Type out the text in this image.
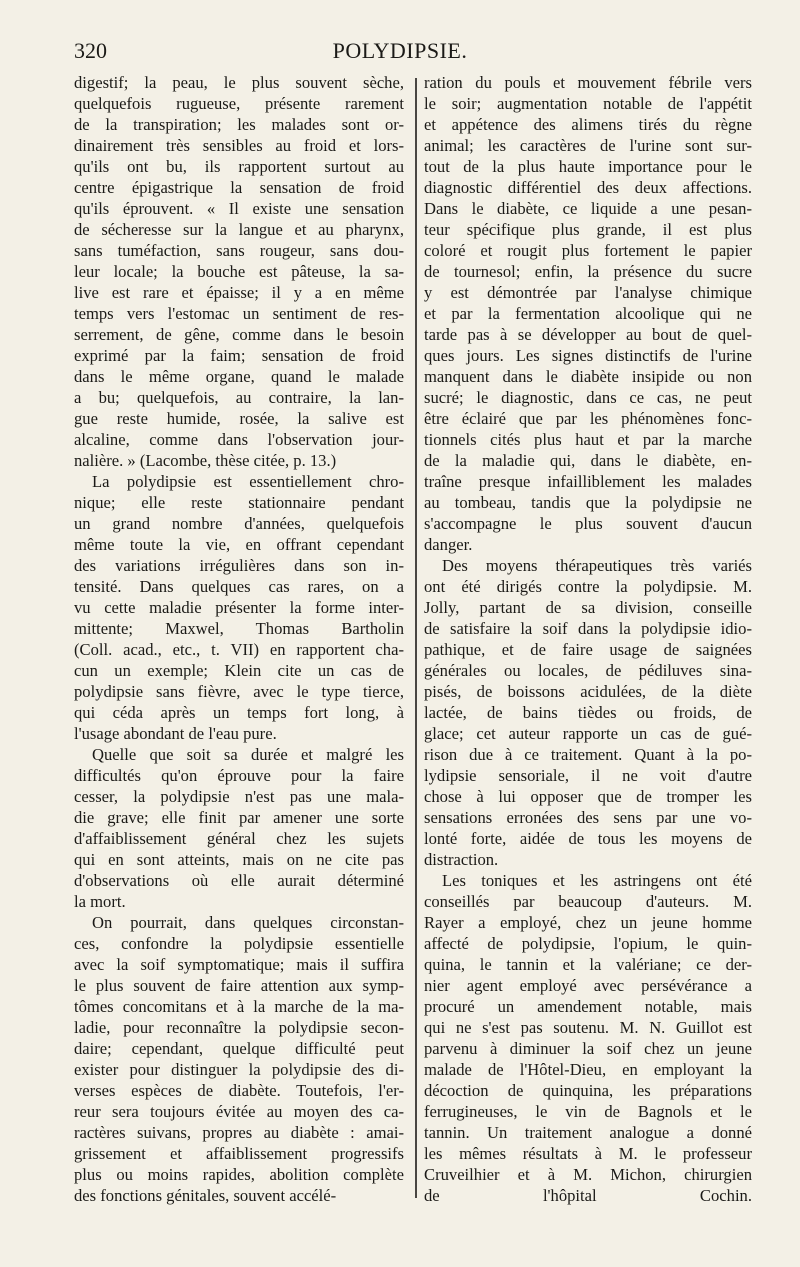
320	POLYDIPSIE.
digestif; la peau, le plus souvent sèche,
quelquefois rugueuse, présente rarement
de la transpiration; les malades sont or-
dinairement très sensibles au froid et lors-
qu'ils ont bu, ils rapportent surtout au
centre épigastrique la sensation de froid
qu'ils éprouvent. « Il existe une sensation
de sécheresse sur la langue et au pharynx,
sans tuméfaction, sans rougeur, sans dou-
leur locale; la bouche est pâteuse, la sa-
live est rare et épaisse; il y a en même
temps vers l'estomac un sentiment de res-
serrement, de gêne, comme dans le besoin
exprimé par la faim; sensation de froid
dans le même organe, quand le malade
a bu; quelquefois, au contraire, la lan-
gue reste humide, rosée, la salive est
alcaline, comme dans l'observation jour-
nalière. » (Lacombe, thèse citée, p. 13.)
La polydipsie est essentiellement chro-
nique; elle reste stationnaire pendant
un grand nombre d'années, quelquefois
même toute la vie, en offrant cependant
des variations irrégulières dans son in-
tensité. Dans quelques cas rares, on a
vu cette maladie présenter la forme inter-
mittente; Maxwel, Thomas Bartholin
(Coll. acad., etc., t. VII) en rapportent cha-
cun un exemple; Klein cite un cas de
polydipsie sans fièvre, avec le type tierce,
qui céda après un temps fort long, à
l'usage abondant de l'eau pure.
Quelle que soit sa durée et malgré les
difficultés qu'on éprouve pour la faire
cesser, la polydipsie n'est pas une mala-
die grave; elle finit par amener une sorte
d'affaiblissement général chez les sujets
qui en sont atteints, mais on ne cite pas
d'observations où elle aurait déterminé
la mort.
On pourrait, dans quelques circonstan-
ces, confondre la polydipsie essentielle
avec la soif symptomatique; mais il suffira
le plus souvent de faire attention aux symp-
tômes concomitans et à la marche de la ma-
ladie, pour reconnaître la polydipsie secon-
daire; cependant, quelque difficulté peut
exister pour distinguer la polydipsie des di-
verses espèces de diabète. Toutefois, l'er-
reur sera toujours évitée au moyen des ca-
ractères suivans, propres au diabète : amai-
grissement et affaiblissement progressifs
plus ou moins rapides, abolition complète
des fonctions génitales, souvent accélé-
ration du pouls et mouvement fébrile vers
le soir; augmentation notable de l'appétit
et appétence des alimens tirés du règne
animal; les caractères de l'urine sont sur-
tout de la plus haute importance pour le
diagnostic différentiel des deux affections.
Dans le diabète, ce liquide a une pesan-
teur spécifique plus grande, il est plus
coloré et rougit plus fortement le papier
de tournesol; enfin, la présence du sucre
y est démontrée par l'analyse chimique
et par la fermentation alcoolique qui ne
tarde pas à se développer au bout de quel-
ques jours. Les signes distinctifs de l'urine
manquent dans le diabète insipide ou non
sucré; le diagnostic, dans ce cas, ne peut
être éclairé que par les phénomènes fonc-
tionnels cités plus haut et par la marche
de la maladie qui, dans le diabète, en-
traîne presque infailliblement les malades
au tombeau, tandis que la polydipsie ne
s'accompagne le plus souvent d'aucun
danger.
Des moyens thérapeutiques très variés
ont été dirigés contre la polydipsie. M.
Jolly, partant de sa division, conseille
de satisfaire la soif dans la polydipsie idio-
pathique, et de faire usage de saignées
générales ou locales, de pédiluves sina-
pisés, de boissons acidulées, de la diète
lactée, de bains tièdes ou froids, de
glace; cet auteur rapporte un cas de gué-
rison due à ce traitement. Quant à la po-
lydipsie sensoriale, il ne voit d'autre
chose à lui opposer que de tromper les
sensations erronées des sens par une vo-
lonté forte, aidée de tous les moyens de
distraction.
Les toniques et les astringens ont été
conseillés par beaucoup d'auteurs. M.
Rayer a employé, chez un jeune homme
affecté de polydipsie, l'opium, le quin-
quina, le tannin et la valériane; ce der-
nier agent employé avec persévérance a
procuré un amendement notable, mais
qui ne s'est pas soutenu. M. N. Guillot est
parvenu à diminuer la soif chez un jeune
malade de l'Hôtel-Dieu, en employant la
décoction de quinquina, les préparations
ferrugineuses, le vin de Bagnols et le
tannin. Un traitement analogue a donné
les mêmes résultats à M. le professeur
Cruveilhier et à M. Michon, chirurgien
de l'hôpital Cochin.
